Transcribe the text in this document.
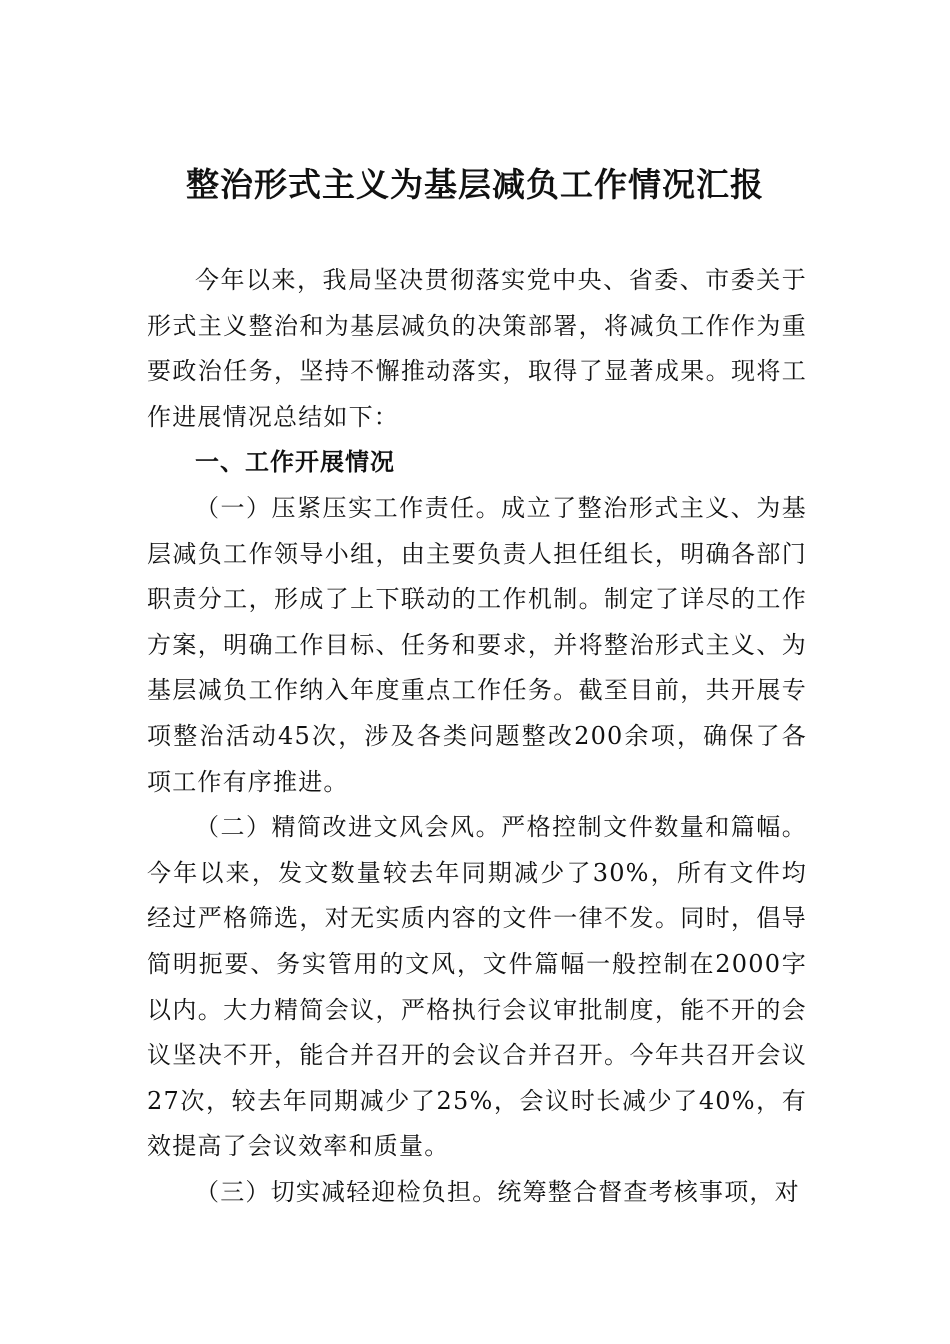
整治形式主义为基层减负工作情况汇报

今年以来，我局坚决贯彻落实党中央、省委、市委关于形式主义整治和为基层减负的决策部署，将减负工作作为重要政治任务，坚持不懈推动落实，取得了显著成果。现将工作进展情况总结如下：

一、工作开展情况

（一）压紧压实工作责任。成立了整治形式主义、为基层减负工作领导小组，由主要负责人担任组长，明确各部门职责分工，形成了上下联动的工作机制。制定了详尽的工作方案，明确工作目标、任务和要求，并将整治形式主义、为基层减负工作纳入年度重点工作任务。截至目前，共开展专项整治活动45次，涉及各类问题整改200余项，确保了各项工作有序推进。

（二）精简改进文风会风。严格控制文件数量和篇幅。今年以来，发文数量较去年同期减少了30%，所有文件均经过严格筛选，对无实质内容的文件一律不发。同时，倡导简明扼要、务实管用的文风，文件篇幅一般控制在2000字以内。大力精简会议，严格执行会议审批制度，能不开的会议坚决不开，能合并召开的会议合并召开。今年共召开会议27次，较去年同期减少了25%，会议时长减少了40%，有效提高了会议效率和质量。

（三）切实减轻迎检负担。统筹整合督查考核事项，对
